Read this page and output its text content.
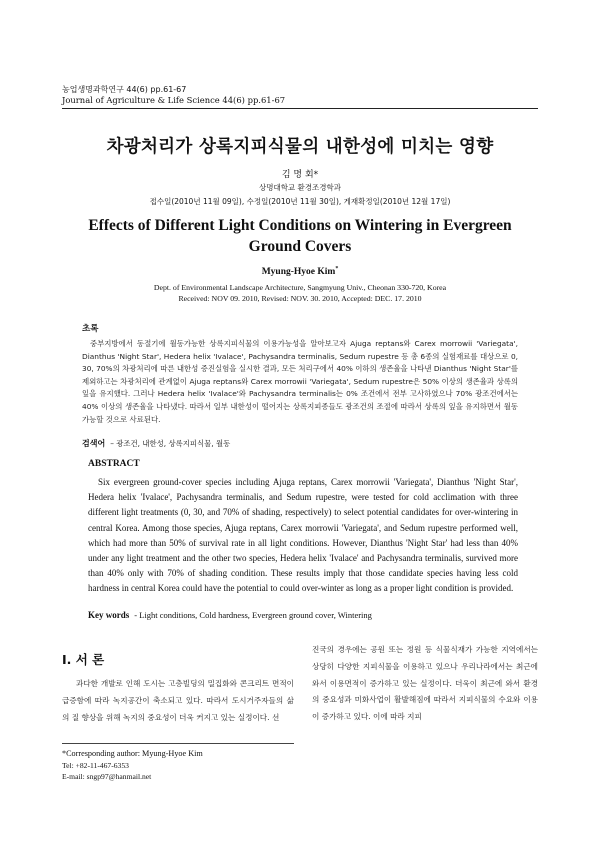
농업생명과학연구 44(6) pp.61-67
Journal of Agriculture & Life Science 44(6) pp.61-67
차광처리가 상록지피식물의 내한성에 미치는 영향
김 명 회*
상명대학교 환경조경학과
접수일(2010년 11월 09일), 수정일(2010년 11월 30일), 게재확정일(2010년 12월 17일)
Effects of Different Light Conditions on Wintering in Evergreen Ground Covers
Myung-Hyoe Kim*
Dept. of Environmental Landscape Architecture, Sangmyung Univ., Cheonan 330-720, Korea
Received: NOV 09. 2010, Revised: NOV. 30. 2010, Accepted: DEC. 17. 2010
초록
중부지방에서 동절기에 월동가능한 상록지피식물의 이용가능성을 알아보고자 Ajuga reptans와 Carex morrowii 'Variegata', Dianthus 'Night Star', Hedera helix 'Ivalace', Pachysandra terminalis, Sedum rupestre 등 총 6종의 실험재료를 대상으로 0, 30, 70%의 차광처리에 따른 내한성 증진실험을 실시한 결과, 모든 처리구에서 40% 이하의 생존율을 나타낸 Dianthus 'Night Star'를 제외하고는 차광처리에 관계없이 Ajuga reptans와 Carex morrowii 'Variegata', Sedum rupestre은 50% 이상의 생존율과 상록의 잎을 유지했다. 그러나 Hedera helix 'Ivalace'와 Pachysandra terminalis는 0% 조건에서 전부 고사하였으나 70% 광조건에서는 40% 이상의 생존율을 나타냈다. 따라서 일부 내한성이 떨어지는 상록지피종들도 광조건의 조절에 따라서 상록의 잎을 유지하면서 월동 가능할 것으로 사료된다.
검색어 – 광조건, 내한성, 상록지피식물, 월동
ABSTRACT
Six evergreen ground-cover species including Ajuga reptans, Carex morrowii 'Variegata', Dianthus 'Night Star', Hedera helix 'Ivalace', Pachysandra terminalis, and Sedum rupestre, were tested for cold acclimation with three different light treatments (0, 30, and 70% of shading, respectively) to select potential candidates for over-wintering in central Korea. Among those species, Ajuga reptans, Carex morrowii 'Variegata', and Sedum rupestre performed well, which had more than 50% of survival rate in all light conditions. However, Dianthus 'Night Star' had less than 40% under any light treatment and the other two species, Hedera helix 'Ivalace' and Pachysandra terminalis, survived more than 40% only with 70% of shading condition. These results imply that those candidate species having less cold hardness in central Korea could have the potential to could over-winter as long as a proper light condition is provided.
Key words - Light conditions, Cold hardness, Evergreen ground cover, Wintering
Ⅰ. 서 론
과다한 개발로 인해 도시는 고층빌딩의 밀집화와 콘크리트 면적이 급증함에 따라 녹지공간이 축소되고 있다. 따라서 도시거주자들의 삶의 질 향상을 위해 녹지의 중요성이 더욱 커지고 있는 실정이다. 선
진국의 경우에는 공원 또는 정원 등 식물식재가 가능한 지역에서는 상당히 다양한 지피식물을 이용하고 있으나 우리나라에서는 최근에 와서 이용면적이 증가하고 있는 실정이다. 더욱이 최근에 와서 환경의 중요성과 미화사업이 활발해짐에 따라서 지피식물의 수요와 이용이 증가하고 있다. 이에 따라 지피
*Corresponding author: Myung-Hyoe Kim
Tel: +82-11-467-6353
E-mail: sngp97@hanmail.net
